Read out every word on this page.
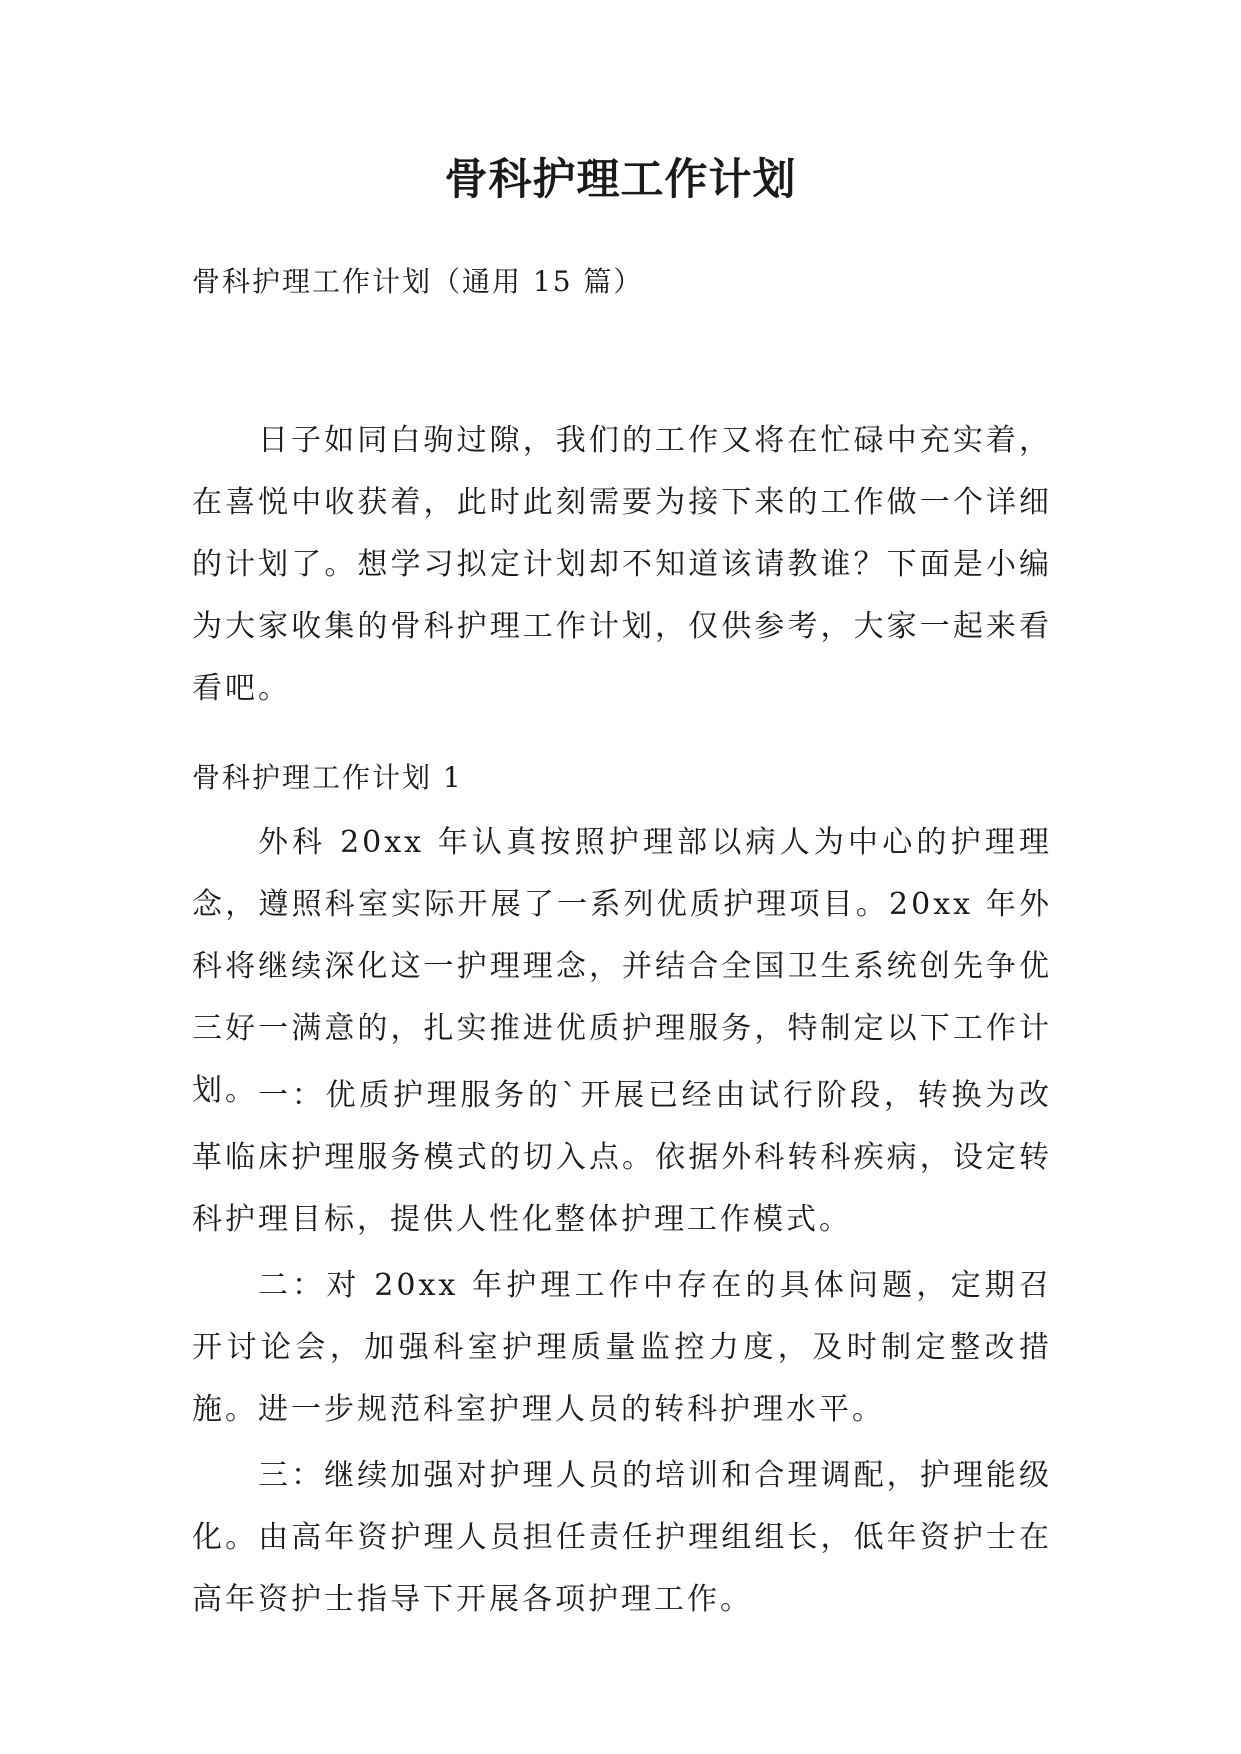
骨科护理工作计划

骨科护理工作计划（通用 15 篇）

日子如同白驹过隙，我们的工作又将在忙碌中充实着，在喜悦中收获着，此时此刻需要为接下来的工作做一个详细的计划了。想学习拟定计划却不知道该请教谁？下面是小编为大家收集的骨科护理工作计划，仅供参考，大家一起来看看吧。

骨科护理工作计划 1

外科 20xx 年认真按照护理部以病人为中心的护理理念，遵照科室实际开展了一系列优质护理项目。20xx 年外科将继续深化这一护理理念，并结合全国卫生系统创先争优三好一满意的，扎实推进优质护理服务，特制定以下工作计划。 一：优质护理服务的`开展已经由试行阶段，转换为改革临床护理服务模式的切入点。依据外科转科疾病，设定转科护理目标，提供人性化整体护理工作模式。

二：对 20xx 年护理工作中存在的具体问题，定期召开讨论会，加强科室护理质量监控力度，及时制定整改措施。进一步规范科室护理人员的转科护理水平。

三：继续加强对护理人员的培训和合理调配，护理能级化。由高年资护理人员担任责任护理组组长，低年资护士在高年资护士指导下开展各项护理工作。
